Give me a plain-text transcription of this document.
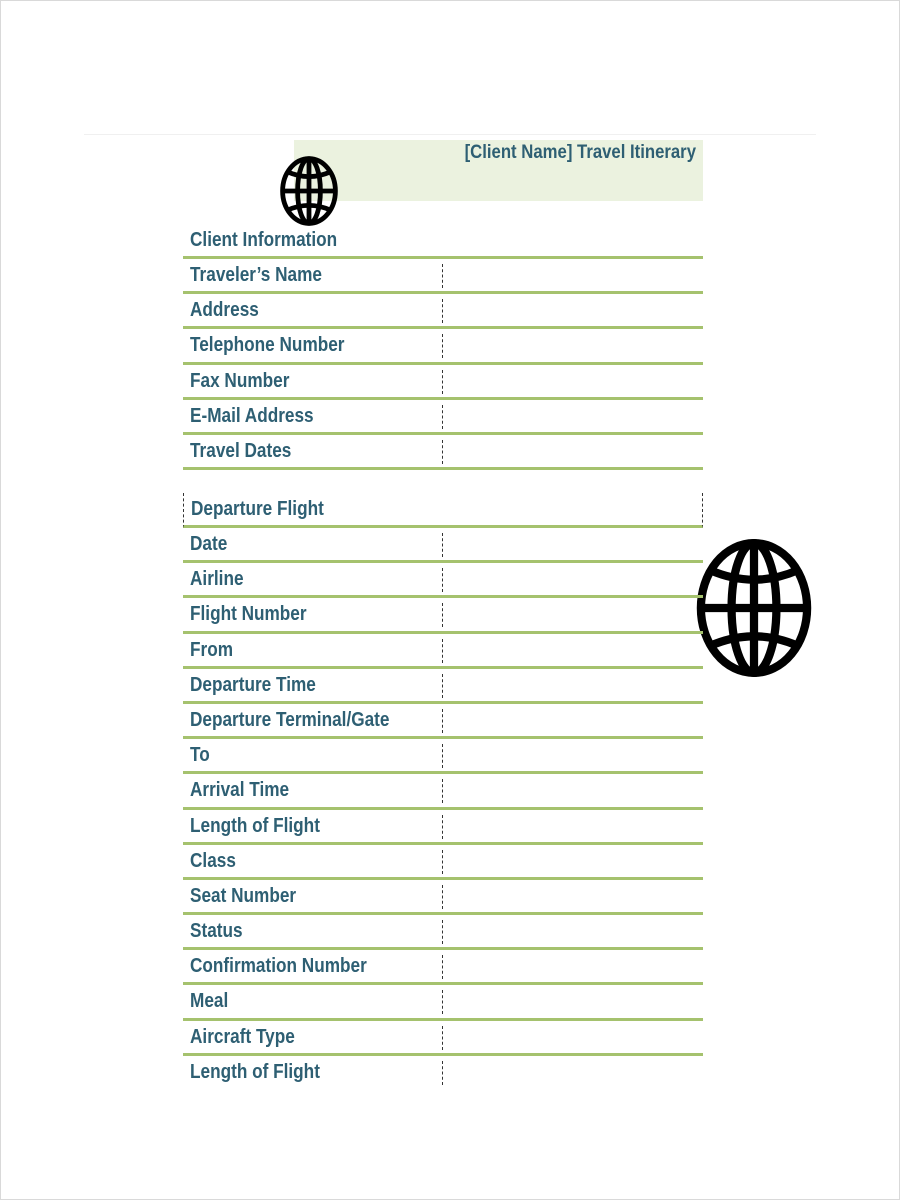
[Client Name] Travel Itinerary
Client Information
Traveler’s Name
Address
Telephone Number
Fax Number
E-Mail Address
Travel Dates
Departure Flight
Date
Airline
Flight Number
From
Departure Time
Departure Terminal/Gate
To
Arrival Time
Length of Flight
Class
Seat Number
Status
Confirmation Number
Meal
Aircraft Type
Length of Flight
